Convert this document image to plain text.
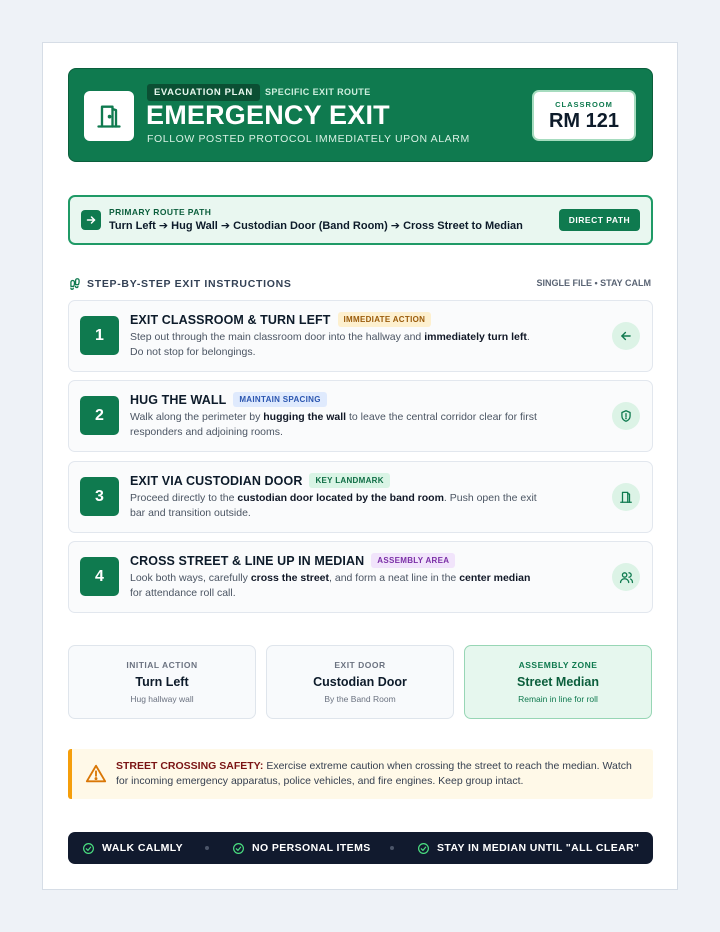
EVACUATION PLAN	SPECIFIC EXIT ROUTE
EMERGENCY EXIT
FOLLOW POSTED PROTOCOL IMMEDIATELY UPON ALARM
CLASSROOM
RM 121
PRIMARY ROUTE PATH
Turn Left ➔ Hug Wall ➔ Custodian Door (Band Room) ➔ Cross Street to Median	DIRECT PATH
STEP-BY-STEP EXIT INSTRUCTIONS	SINGLE FILE • STAY CALM
1
EXIT CLASSROOM & TURN LEFT IMMEDIATE ACTION
Step out through the main classroom door into the hallway and immediately turn left. Do not stop for belongings.
2
HUG THE WALL MAINTAIN SPACING
Walk along the perimeter by hugging the wall to leave the central corridor clear for first responders and adjoining rooms.
3
EXIT VIA CUSTODIAN DOOR KEY LANDMARK
Proceed directly to the custodian door located by the band room. Push open the exit bar and transition outside.
4
CROSS STREET & LINE UP IN MEDIAN ASSEMBLY AREA
Look both ways, carefully cross the street, and form a neat line in the center median for attendance roll call.
INITIAL ACTION
Turn Left
Hug hallway wall
EXIT DOOR
Custodian Door
By the Band Room
ASSEMBLY ZONE
Street Median
Remain in line for roll
STREET CROSSING SAFETY: Exercise extreme caution when crossing the street to reach the median. Watch for incoming emergency apparatus, police vehicles, and fire engines. Keep group intact.
WALK CALMLY	NO PERSONAL ITEMS	STAY IN MEDIAN UNTIL "ALL CLEAR"
